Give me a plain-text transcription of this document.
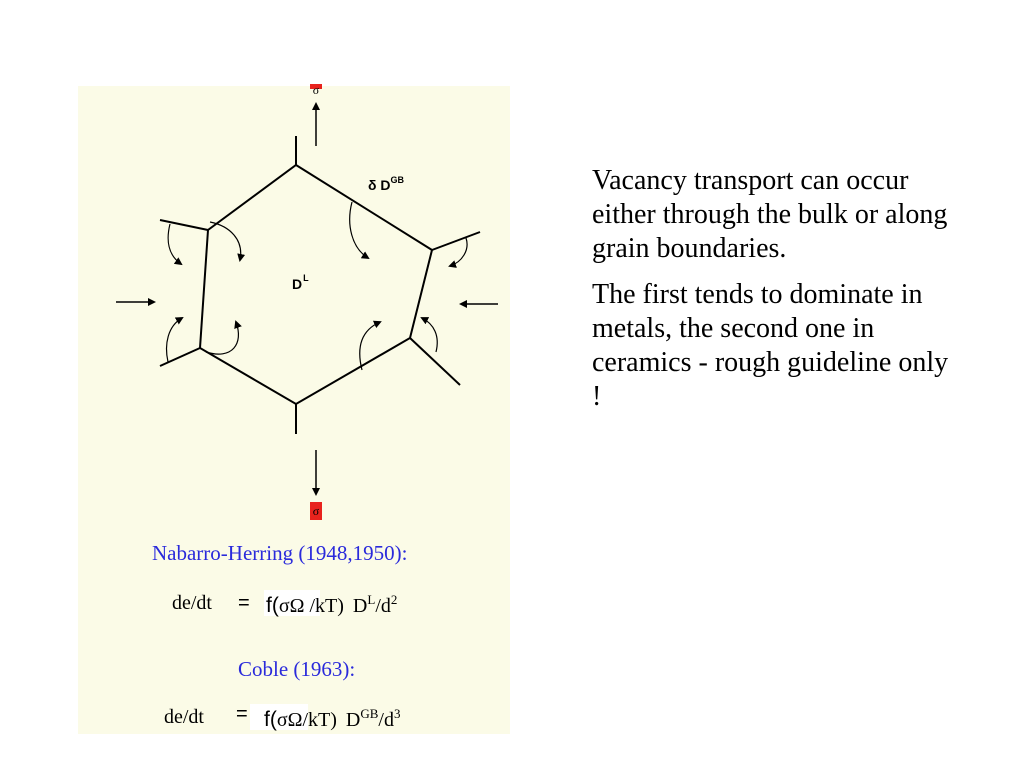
δ $D^{GB}$
$D^L$
σ
Nabarro-Herring (1948,1950):
de/dt = f(σΩ /kT) $D^L/d^2$
Coble (1963):
de/dt = f(σΩ/kT) $D^{GB}/d^3$

Vacancy transport can occur either through the bulk or along grain boundaries.

The first tends to dominate in metals, the second one in ceramics - rough guideline only !
